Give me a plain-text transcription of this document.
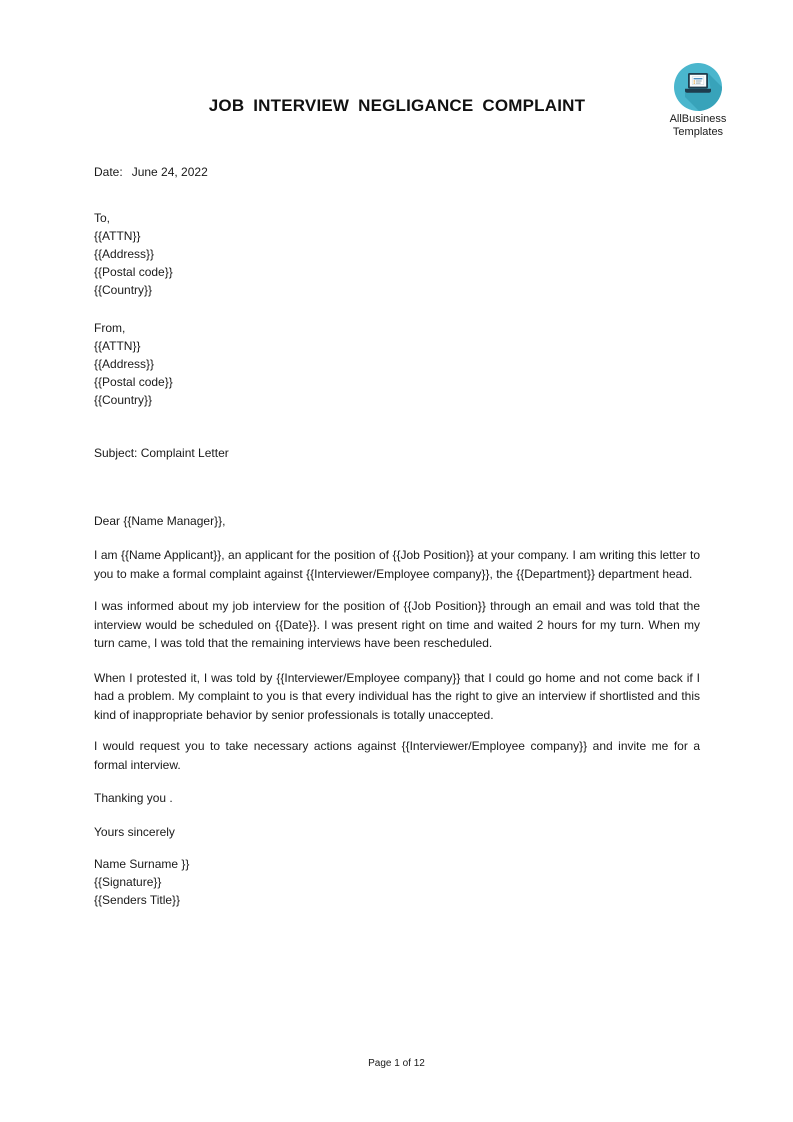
AllBusiness
Templates
JOB INTERVIEW NEGLIGANCE COMPLAINT

Date: June 24, 2022

To,

{{ATTN}}

{{Address}}

{{Postal code}}

{{Country}}

From,

{{ATTN}}

{{Address}}

{{Postal code}}

{{Country}}

Subject: Complaint Letter

Dear {{Name Manager}},

I am {{Name Applicant}}, an applicant for the position of {{Job Position}} at your company. I am writing this letter to you to make a formal complaint against {{Interviewer/Employee company}}, the {{Department}} department head.

I was informed about my job interview for the position of {{Job Position}} through an email and was told that the interview would be scheduled on {{Date}}. I was present right on time and waited 2 hours for my turn. When my turn came, I was told that the remaining interviews have been rescheduled.

When I protested it, I was told by {{Interviewer/Employee company}} that I could go home and not come back if I had a problem. My complaint to you is that every individual has the right to give an interview if shortlisted and this kind of inappropriate behavior by senior professionals is totally unaccepted.

I would request you to take necessary actions against {{Interviewer/Employee company}} and invite me for a formal interview.

Thanking you .

Yours sincerely

Name Surname }}

{{Signature}}

{{Senders Title}}

Page 1 of 12
